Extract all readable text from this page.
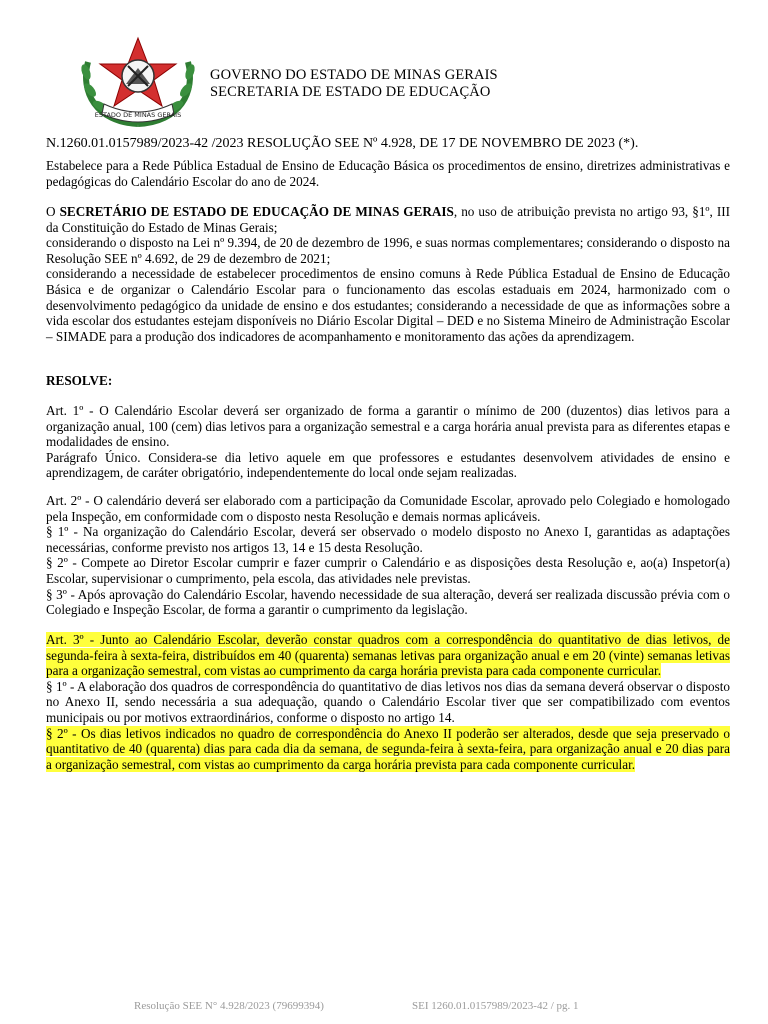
ESTADO DE MINAS GERAIS
GOVERNO DO ESTADO DE MINAS GERAIS
SECRETARIA DE ESTADO DE EDUCAÇÃO
N.1260.01.0157989/2023-42 /2023 RESOLUÇÃO SEE Nº 4.928, DE 17 DE NOVEMBRO DE 2023 (*).

Estabelece para a Rede Pública Estadual de Ensino de Educação Básica os procedimentos de ensino, diretrizes administrativas e pedagógicas do Calendário Escolar do ano de 2024.

O SECRETÁRIO DE ESTADO DE EDUCAÇÃO DE MINAS GERAIS, no uso de atribuição prevista no artigo 93, §1º, III da Constituição do Estado de Minas Gerais;

considerando o disposto na Lei nº 9.394, de 20 de dezembro de 1996, e suas normas complementares; considerando o disposto na Resolução SEE nº 4.692, de 29 de dezembro de 2021;

considerando a necessidade de estabelecer procedimentos de ensino comuns à Rede Pública Estadual de Ensino de Educação Básica e de organizar o Calendário Escolar para o funcionamento das escolas estaduais em 2024, harmonizado com o desenvolvimento pedagógico da unidade de ensino e dos estudantes; considerando a necessidade de que as informações sobre a vida escolar dos estudantes estejam disponíveis no Diário Escolar Digital – DED e no Sistema Mineiro de Administração Escolar – SIMADE para a produção dos indicadores de acompanhamento e monitoramento das ações da aprendizagem.

RESOLVE:

Art. 1º - O Calendário Escolar deverá ser organizado de forma a garantir o mínimo de 200 (duzentos) dias letivos para a organização anual, 100 (cem) dias letivos para a organização semestral e a carga horária anual prevista para as diferentes etapas e modalidades de ensino.

Parágrafo Único. Considera-se dia letivo aquele em que professores e estudantes desenvolvem atividades de ensino e aprendizagem, de caráter obrigatório, independentemente do local onde sejam realizadas.

Art. 2º - O calendário deverá ser elaborado com a participação da Comunidade Escolar, aprovado pelo Colegiado e homologado pela Inspeção, em conformidade com o disposto nesta Resolução e demais normas aplicáveis.

§ 1º - Na organização do Calendário Escolar, deverá ser observado o modelo disposto no Anexo I, garantidas as adaptações necessárias, conforme previsto nos artigos 13, 14 e 15 desta Resolução.

§ 2º - Compete ao Diretor Escolar cumprir e fazer cumprir o Calendário e as disposições desta Resolução e, ao(a) Inspetor(a) Escolar, supervisionar o cumprimento, pela escola, das atividades nele previstas.

§ 3º - Após aprovação do Calendário Escolar, havendo necessidade de sua alteração, deverá ser realizada discussão prévia com o Colegiado e Inspeção Escolar, de forma a garantir o cumprimento da legislação.

Art. 3º - Junto ao Calendário Escolar, deverão constar quadros com a correspondência do quantitativo de dias letivos, de segunda-feira à sexta-feira, distribuídos em 40 (quarenta) semanas letivas para organização anual e em 20 (vinte) semanas letivas para a organização semestral, com vistas ao cumprimento da carga horária prevista para cada componente curricular.

§ 1º - A elaboração dos quadros de correspondência do quantitativo de dias letivos nos dias da semana deverá observar o disposto no Anexo II, sendo necessária a sua adequação, quando o Calendário Escolar tiver que ser compatibilizado com eventos municipais ou por motivos extraordinários, conforme o disposto no artigo 14.

§ 2º - Os dias letivos indicados no quadro de correspondência do Anexo II poderão ser alterados, desde que seja preservado o quantitativo de 40 (quarenta) dias para cada dia da semana, de segunda-feira à sexta-feira, para organização anual e 20 dias para a organização semestral, com vistas ao cumprimento da carga horária prevista para cada componente curricular.

Resolução SEE N° 4.928/2023 (79699394)	SEI 1260.01.0157989/2023-42 / pg. 1
